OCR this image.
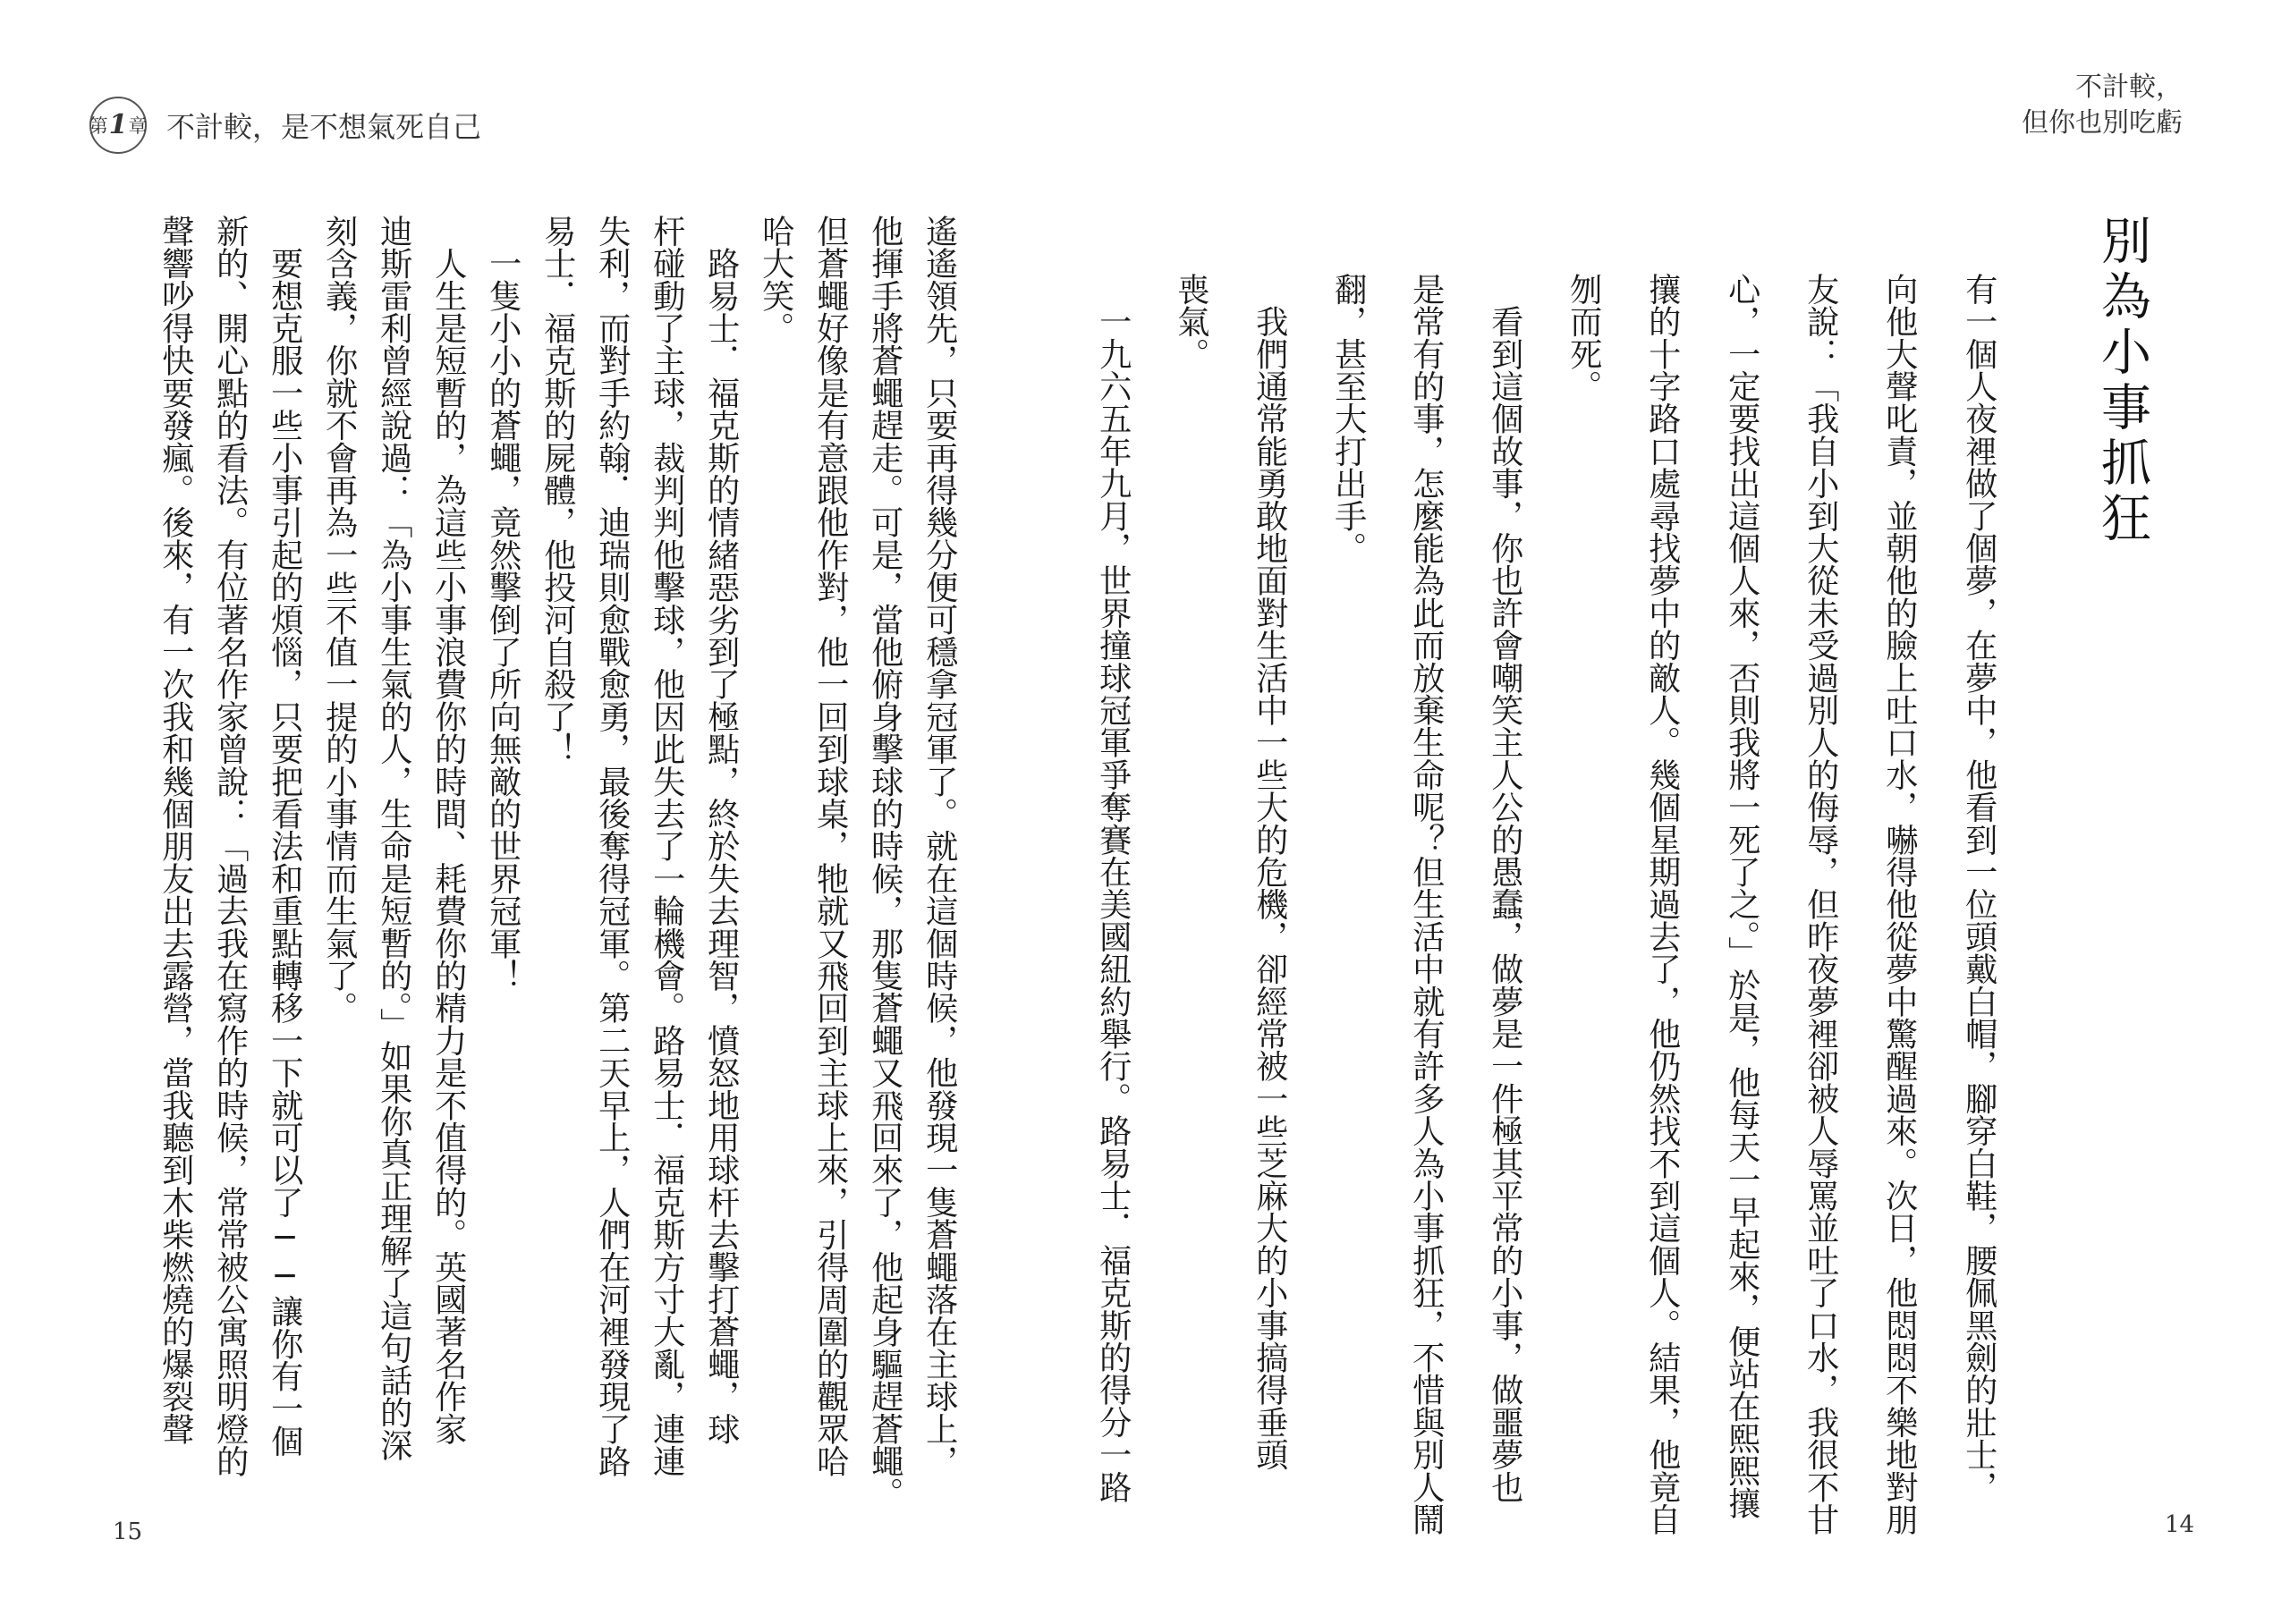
第 1 章 不計較，是不想氣死自己
不計較，
但你也別吃虧
別為小事抓狂
有一個人夜裡做了個夢，在夢中，他看到一位頭戴白帽，腳穿白鞋，腰佩黑劍的壯士，
向他大聲叱責，並朝他的臉上吐口水，嚇得他從夢中驚醒過來。次日，他悶悶不樂地對朋
友說：「我自小到大從未受過別人的侮辱，但昨夜夢裡卻被人辱罵並吐了口水，我很不甘
心，一定要找出這個人來，否則我將一死了之。」於是，他每天一早起來，便站在熙熙攘
攘的十字路口處尋找夢中的敵人。幾個星期過去了，他仍然找不到這個人。結果，他竟自
刎而死。
　看到這個故事，你也許會嘲笑主人公的愚蠢，做夢是一件極其平常的小事，做噩夢也
是常有的事，怎麼能為此而放棄生命呢？但生活中就有許多人為小事抓狂，不惜與別人鬧
翻，甚至大打出手。
　我們通常能勇敢地面對生活中一些大的危機，卻經常被一些芝麻大的小事搞得垂頭
喪氣。
　一九六五年九月，世界撞球冠軍爭奪賽在美國紐約舉行。路易士．福克斯的得分一路
遙遙領先，只要再得幾分便可穩拿冠軍了。就在這個時候，他發現一隻蒼蠅落在主球上，
他揮手將蒼蠅趕走。可是，當他俯身擊球的時候，那隻蒼蠅又飛回來了，他起身驅趕蒼蠅。
但蒼蠅好像是有意跟他作對，他一回到球桌，牠就又飛回到主球上來，引得周圍的觀眾哈
哈大笑。
　路易士．福克斯的情緒惡劣到了極點，終於失去理智，憤怒地用球杆去擊打蒼蠅，球
杆碰動了主球，裁判判他擊球，他因此失去了一輪機會。路易士．福克斯方寸大亂，連連
失利，而對手約翰．迪瑞則愈戰愈勇，最後奪得冠軍。第二天早上，人們在河裡發現了路
易士．福克斯的屍體，他投河自殺了！
　一隻小小的蒼蠅，竟然擊倒了所向無敵的世界冠軍！
　人生是短暫的，為這些小事浪費你的時間、耗費你的精力是不值得的。英國著名作家
迪斯雷利曾經說過：「為小事生氣的人，生命是短暫的。」如果你真正理解了這句話的深
刻含義，你就不會再為一些不值一提的小事情而生氣了。
15	14
　要想克服一些小事引起的煩惱，只要把看法和重點轉移一下就可以了──讓你有一個
新的、開心點的看法。有位著名作家曾說：「過去我在寫作的時候，常常被公寓照明燈的
聲響吵得快要發瘋。後來，有一次我和幾個朋友出去露營，當我聽到木柴燃燒的爆裂聲
